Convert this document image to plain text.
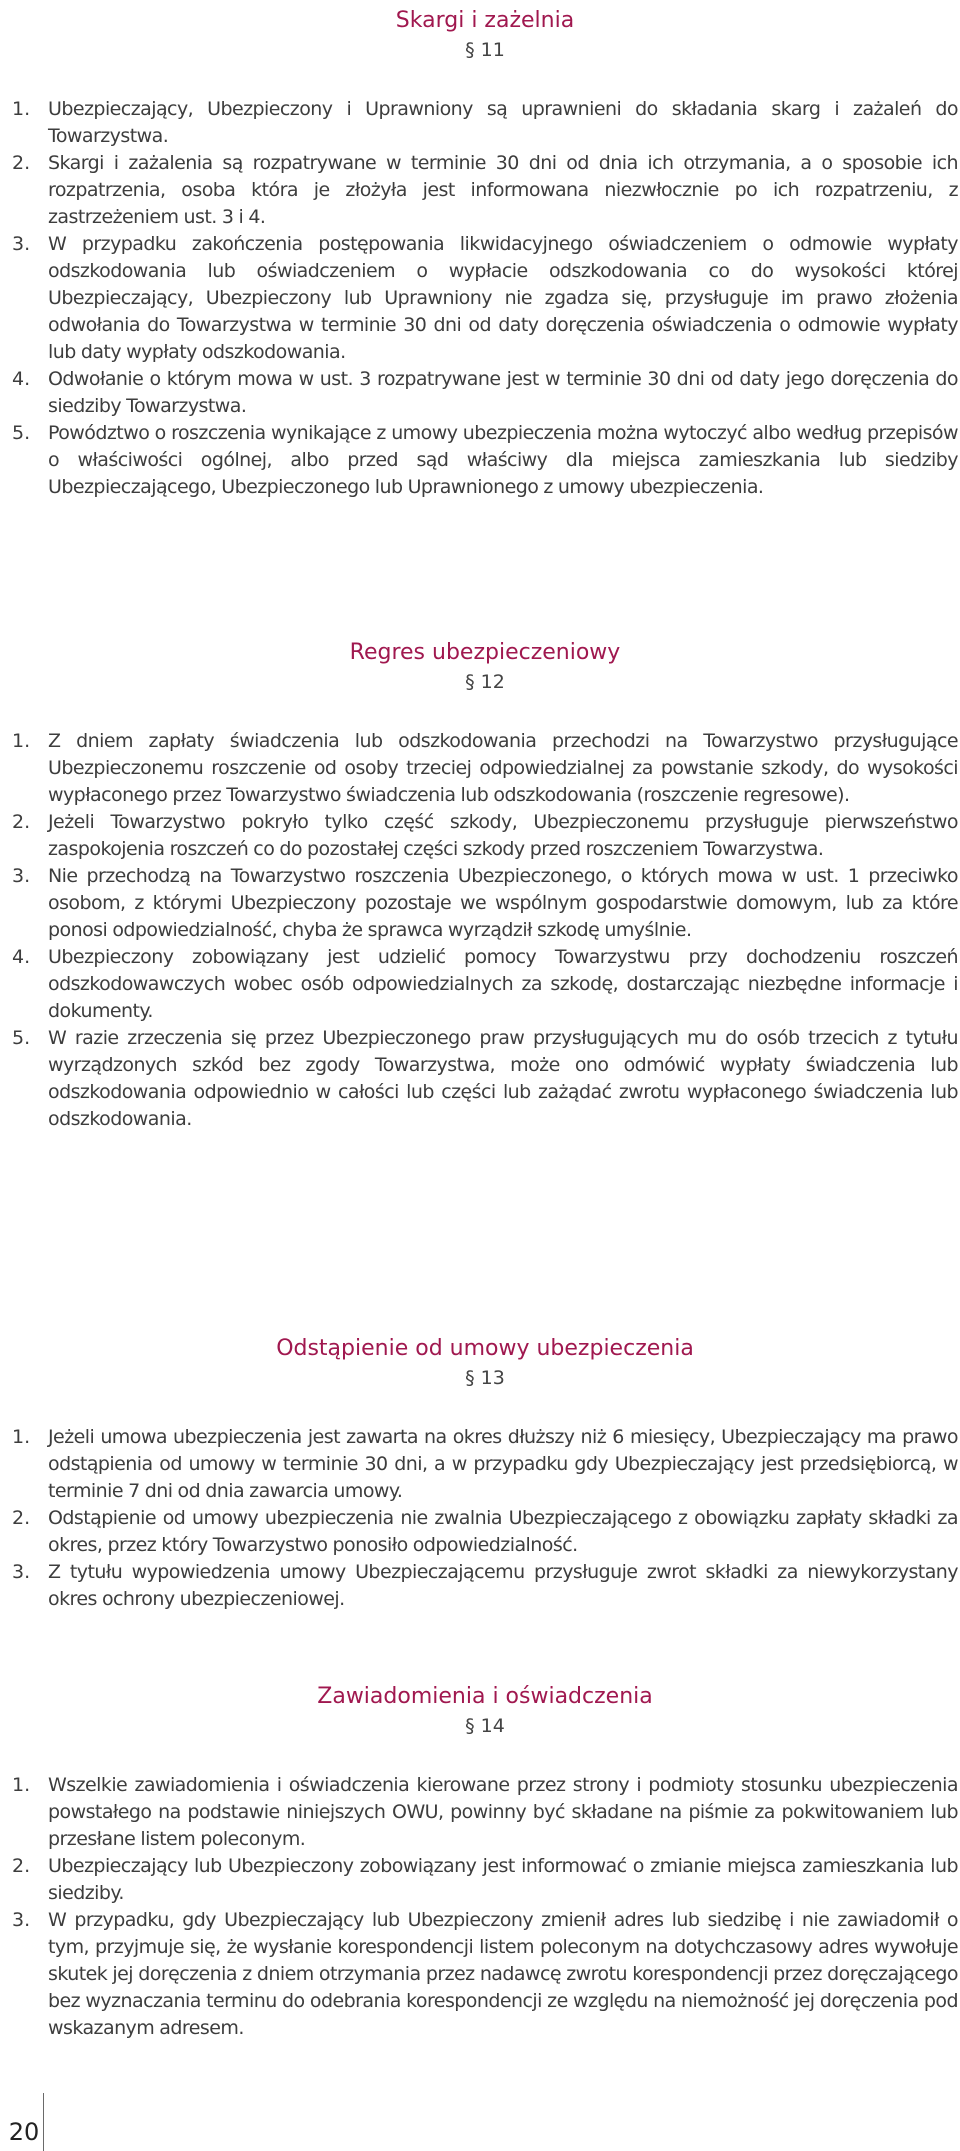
Skargi i zażelnia
§ 11
1. Ubezpieczający, Ubezpieczony i Uprawniony są uprawnieni do składania skarg i zażaleń do Towarzystwa.
2. Skargi i zażalenia są rozpatrywane w terminie 30 dni od dnia ich otrzymania, a o sposobie ich rozpatrzenia, osoba która je złożyła jest informowana niezwłocznie po ich rozpatrzeniu, z zastrzeżeniem ust. 3 i 4.
3. W przypadku zakończenia postępowania likwidacyjnego oświadczeniem o odmowie wypłaty odszkodowania lub oświadczeniem o wypłacie odszkodowania co do wysokości której Ubezpieczający, Ubezpieczony lub Uprawniony nie zgadza się, przysługuje im prawo złożenia odwołania do Towarzystwa w terminie 30 dni od daty doręczenia oświadczenia o odmowie wypłaty lub daty wypłaty odszkodowania.
4. Odwołanie o którym mowa w ust. 3 rozpatrywane jest w terminie 30 dni od daty jego doręczenia do siedziby Towarzystwa.
5. Powództwo o roszczenia wynikające z umowy ubezpieczenia można wytoczyć albo według przepisów o właściwości ogólnej, albo przed sąd właściwy dla miejsca zamieszkania lub siedziby Ubezpieczającego, Ubezpieczonego lub Uprawnionego z umowy ubezpieczenia.
Regres ubezpieczeniowy
§ 12
1. Z dniem zapłaty świadczenia lub odszkodowania przechodzi na Towarzystwo przysługujące Ubezpieczonemu roszczenie od osoby trzeciej odpowiedzialnej za powstanie szkody, do wysokości wypłaconego przez Towarzystwo świadczenia lub odszkodowania (roszczenie regresowe).
2. Jeżeli Towarzystwo pokryło tylko część szkody, Ubezpieczonemu przysługuje pierwszeństwo zaspokojenia roszczeń co do pozostałej części szkody przed roszczeniem Towarzystwa.
3. Nie przechodzą na Towarzystwo roszczenia Ubezpieczonego, o których mowa w ust. 1 przeciwko osobom, z którymi Ubezpieczony pozostaje we wspólnym gospodarstwie domowym, lub za które ponosi odpowiedzialność, chyba że sprawca wyrządził szkodę umyślnie.
4. Ubezpieczony zobowiązany jest udzielić pomocy Towarzystwu przy dochodzeniu roszczeń odszkodowawczych wobec osób odpowiedzialnych za szkodę, dostarczając niezbędne informacje i dokumenty.
5. W razie zrzeczenia się przez Ubezpieczonego praw przysługujących mu do osób trzecich z tytułu wyrządzonych szkód bez zgody Towarzystwa, może ono odmówić wypłaty świadczenia lub odszkodowania odpowiednio w całości lub części lub zażądać zwrotu wypłaconego świadczenia lub odszkodowania.
Odstąpienie od umowy ubezpieczenia
§ 13
1. Jeżeli umowa ubezpieczenia jest zawarta na okres dłuższy niż 6 miesięcy, Ubezpieczający ma prawo odstąpienia od umowy w terminie 30 dni, a w przypadku gdy Ubezpieczający jest przedsiębiorcą, w terminie 7 dni od dnia zawarcia umowy.
2. Odstąpienie od umowy ubezpieczenia nie zwalnia Ubezpieczającego z obowiązku zapłaty składki za okres, przez który Towarzystwo ponosiło odpowiedzialność.
3. Z tytułu wypowiedzenia umowy Ubezpieczającemu przysługuje zwrot składki za niewykorzystany okres ochrony ubezpieczeniowej.
Zawiadomienia i oświadczenia
§ 14
1. Wszelkie zawiadomienia i oświadczenia kierowane przez strony i podmioty stosunku ubezpieczenia powstałego na podstawie niniejszych OWU, powinny być składane na piśmie za pokwitowaniem lub przesłane listem poleconym.
2. Ubezpieczający lub Ubezpieczony zobowiązany jest informować o zmianie miejsca zamieszkania lub siedziby.
3. W przypadku, gdy Ubezpieczający lub Ubezpieczony zmienił adres lub siedzibę i nie zawiadomił o tym, przyjmuje się, że wysłanie korespondencji listem poleconym na dotychczasowy adres wywołuje skutek jej doręczenia z dniem otrzymania przez nadawcę zwrotu korespondencji przez doręczającego bez wyznaczania terminu do odebrania korespondencji ze względu na niemożność jej doręczenia pod wskazanym adresem.
20
